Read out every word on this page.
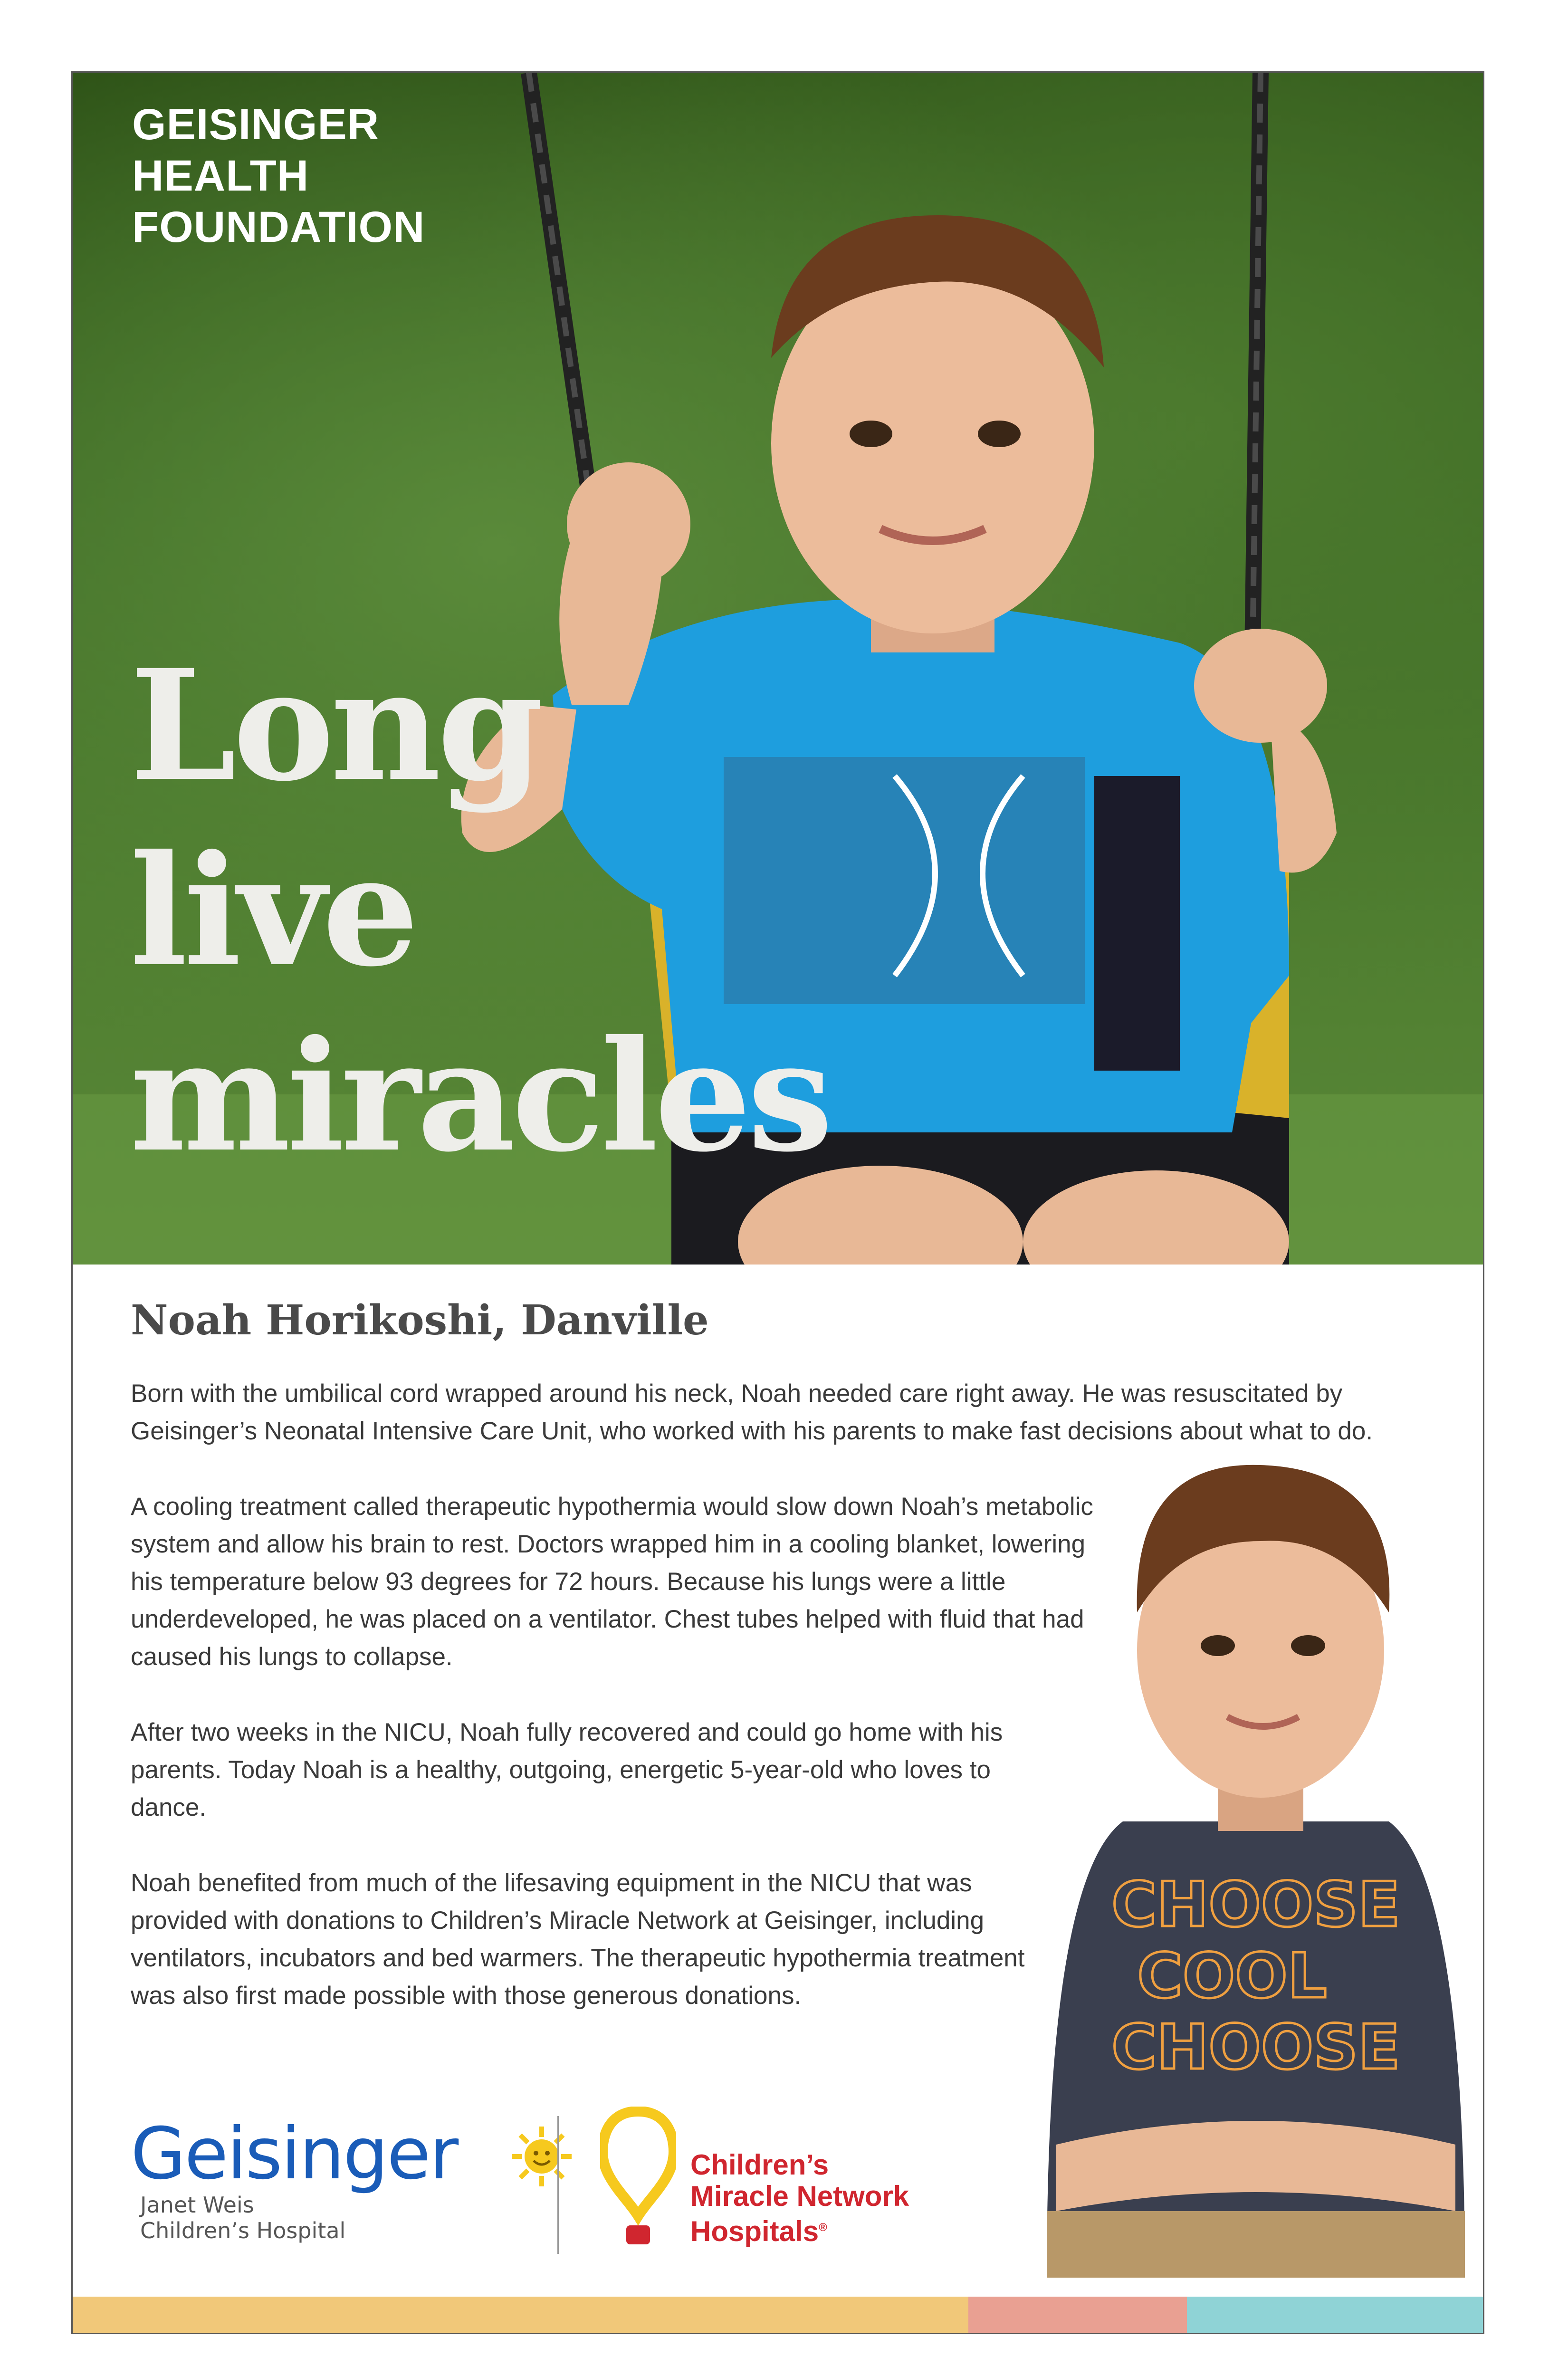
GEISINGER
HEALTH
FOUNDATION
Long
live
miracles
Noah Horikoshi, Danville

Born with the umbilical cord wrapped around his neck, Noah needed care right away. He was resuscitated by Geisinger’s Neonatal Intensive Care Unit, who worked with his parents to make fast decisions about what to do.

A cooling treatment called therapeutic hypothermia would slow down Noah’s metabolic system and allow his brain to rest. Doctors wrapped him in a cooling blanket, lowering his temperature below 93 degrees for 72 hours. Because his lungs were a little underdeveloped, he was placed on a ventilator. Chest tubes helped with fluid that had caused his lungs to collapse.

After two weeks in the NICU, Noah fully recovered and could go home with his parents. Today Noah is a healthy, outgoing, energetic 5-year-old who loves to dance.

Noah benefited from much of the lifesaving equipment in the NICU that was provided with donations to Children’s Miracle Network at Geisinger, including ventilators, incubators and bed warmers. The therapeutic hypothermia treatment was also first made possible with those generous donations.

CHOOSE
COOL
CHOOSE
Geisinger
Janet Weis
Children’s Hospital
Children’s
Miracle Network
Hospitals®
